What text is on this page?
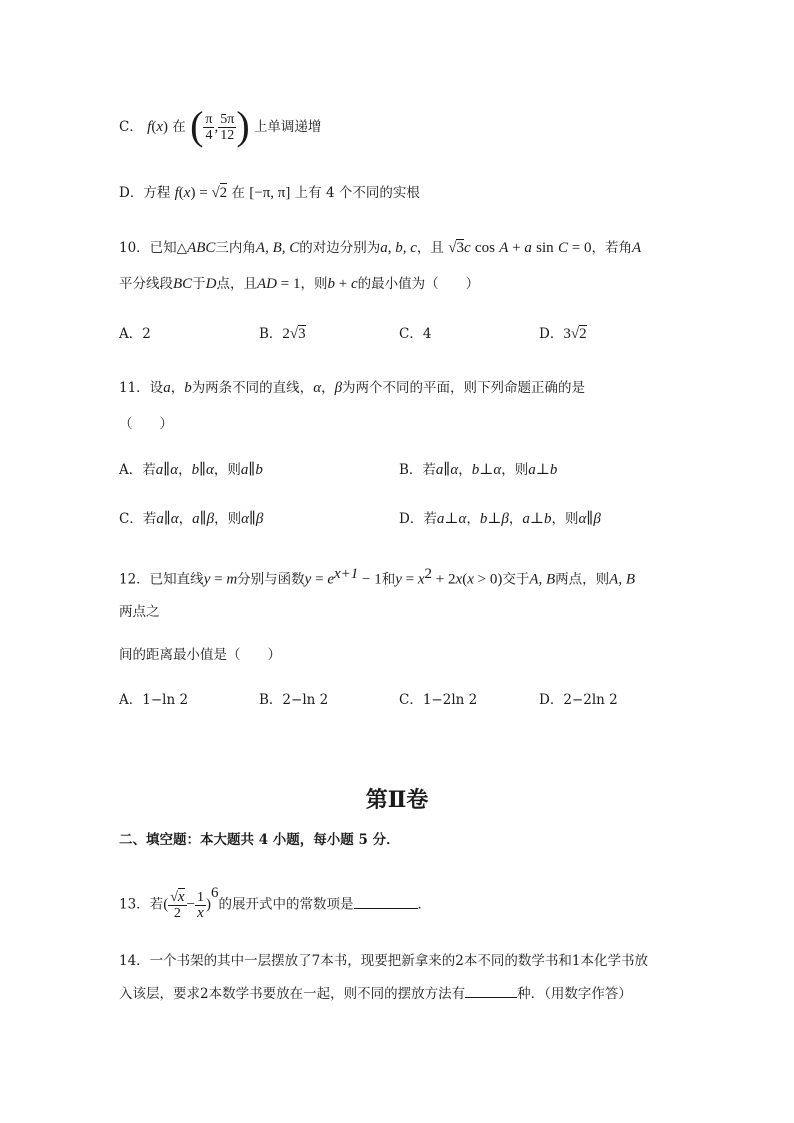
C． f(x) 在 ( $\frac{\pi}{4}$ , $\frac{5\pi}{12}$ ) 上单调递增
D．方程 f(x) = √2 在 [−π, π] 上有 4 个不同的实根
10．已知△ABC三内角A, B, C的对边分别为a, b, c，且 √3c cos A + a sin C = 0，若角A
平分线段BC于D点，且AD = 1，则b + c的最小值为（　　）
A．2	B．2√3	C．4	D．3√2
11．设a，b为两条不同的直线，α，β为两个不同的平面，则下列命题正确的是
（　　）
A．若a∥α，b∥α，则a∥b	B．若a∥α，b⊥α，则a⊥b
C．若a∥α，a∥β，则α∥β	D．若a⊥α，b⊥β，a⊥b，则α∥β
12．已知直线y = m分别与函数$y = e^{x+1} - 1$和$y = x^2 + 2x(x > 0)$交于A, B两点，则A, B
两点之
间的距离最小值是（　　）
A．1−ln 2	B．2−ln 2	C．1−2ln 2	D．2−2ln 2
第Ⅱ卷
二、填空题：本大题共 4 小题，每小题 5 分．
13．若( $\frac{√x}{2} - \frac{1}{x} )^6$的展开式中的常数项是	．
14．一个书架的其中一层摆放了7本书，现要把新拿来的2本不同的数学书和1本化学书放
入该层，要求2本数学书要放在一起，则不同的摆放方法有	种．（用数字作答）
